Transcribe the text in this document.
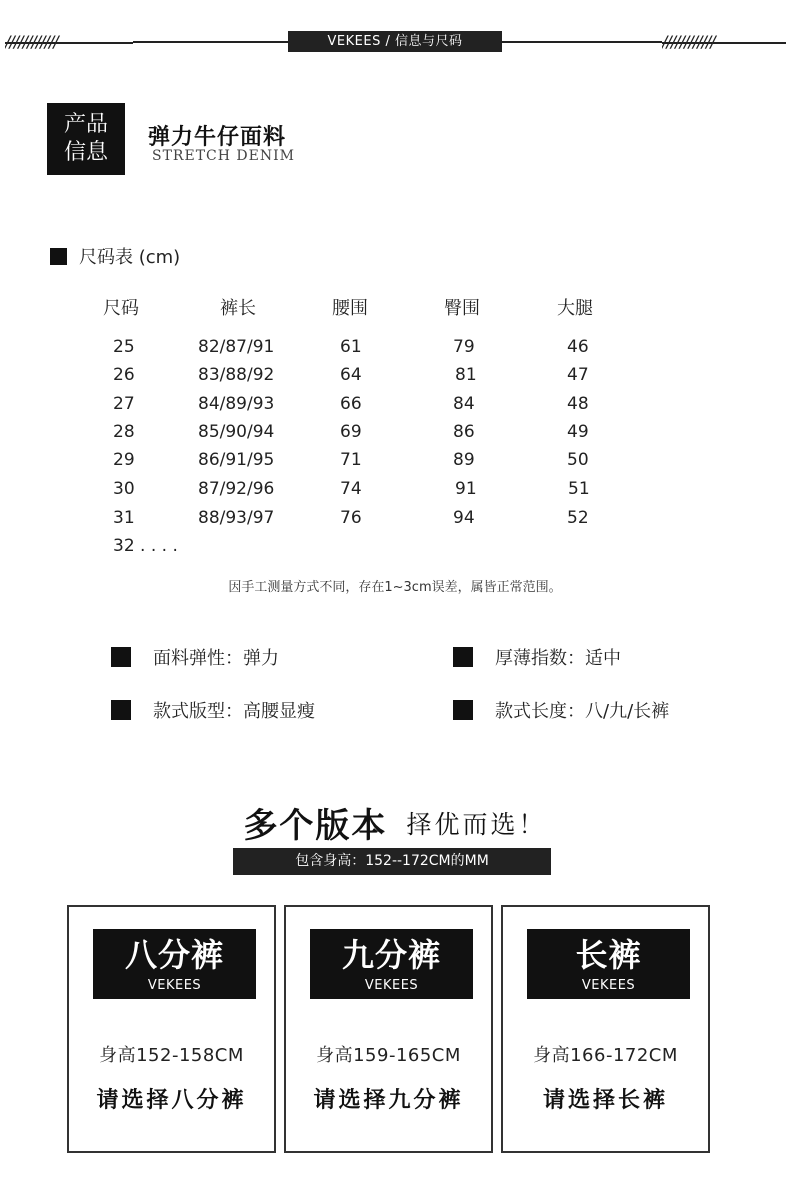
////////////	VEKEES / 信息与尺码	////////////
产品
信息
弹力牛仔面料
STRETCH DENIM
尺码表 (cm)
尺码	裤长	腰围	臀围	大腿
25	82/87/91	61	79	46
26	83/88/92	64	81	47
27	84/89/93	66	84	48
28	85/90/94	69	86	49
29	86/91/95	71	89	50
30	87/92/96	74	91	51
31	88/93/97	76	94	52
32 . . . .
因手工测量方式不同，存在1~3cm误差，属皆正常范围。
面料弹性：弹力	厚薄指数：适中
款式版型：高腰显瘦	款式长度：八/九/长裤
多个版本 择优而选！
包含身高：152--172CM的MM
八分裤
VEKEES
身高152-158CM
请选择八分裤
九分裤
VEKEES
身高159-165CM
请选择九分裤
长裤
VEKEES
身高166-172CM
请选择长裤
